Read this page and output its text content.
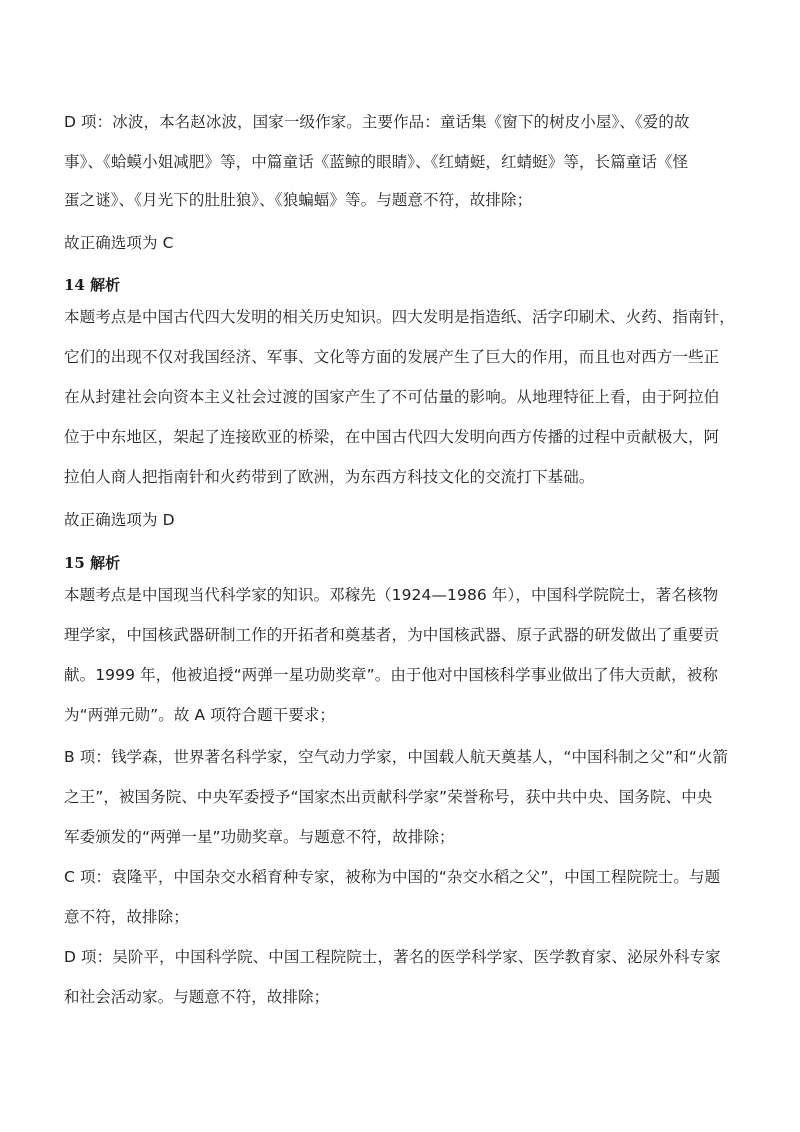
D 项：冰波，本名赵冰波，国家一级作家。主要作品：童话集《窗下的树皮小屋》、《爱的故
事》、《蛤蟆小姐减肥》等，中篇童话《蓝鲸的眼睛》、《红蜻蜓，红蜻蜓》等，长篇童话《怪
蛋之谜》、《月光下的肚肚狼》、《狼蝙蝠》等。与题意不符，故排除；
故正确选项为 C
14 解析
本题考点是中国古代四大发明的相关历史知识。四大发明是指造纸、活字印刷术、火药、指南针，
它们的出现不仅对我国经济、军事、文化等方面的发展产生了巨大的作用，而且也对西方一些正
在从封建社会向资本主义社会过渡的国家产生了不可估量的影响。从地理特征上看，由于阿拉伯
位于中东地区，架起了连接欧亚的桥梁，在中国古代四大发明向西方传播的过程中贡献极大，阿
拉伯人商人把指南针和火药带到了欧洲，为东西方科技文化的交流打下基础。
故正确选项为 D
15 解析
本题考点是中国现当代科学家的知识。邓稼先（1924—1986 年），中国科学院院士，著名核物
理学家，中国核武器研制工作的开拓者和奠基者，为中国核武器、原子武器的研发做出了重要贡
献。1999 年，他被追授“两弹一星功勋奖章”。由于他对中国核科学事业做出了伟大贡献，被称
为“两弹元勋”。故 A 项符合题干要求；
B 项：钱学森，世界著名科学家，空气动力学家，中国载人航天奠基人，“中国科制之父”和“火箭
之王”，被国务院、中央军委授予“国家杰出贡献科学家”荣誉称号，获中共中央、国务院、中央
军委颁发的“两弹一星”功勋奖章。与题意不符，故排除；
C 项：袁隆平，中国杂交水稻育种专家，被称为中国的“杂交水稻之父”，中国工程院院士。与题
意不符，故排除；
D 项：吴阶平，中国科学院、中国工程院院士，著名的医学科学家、医学教育家、泌尿外科专家
和社会活动家。与题意不符，故排除；
